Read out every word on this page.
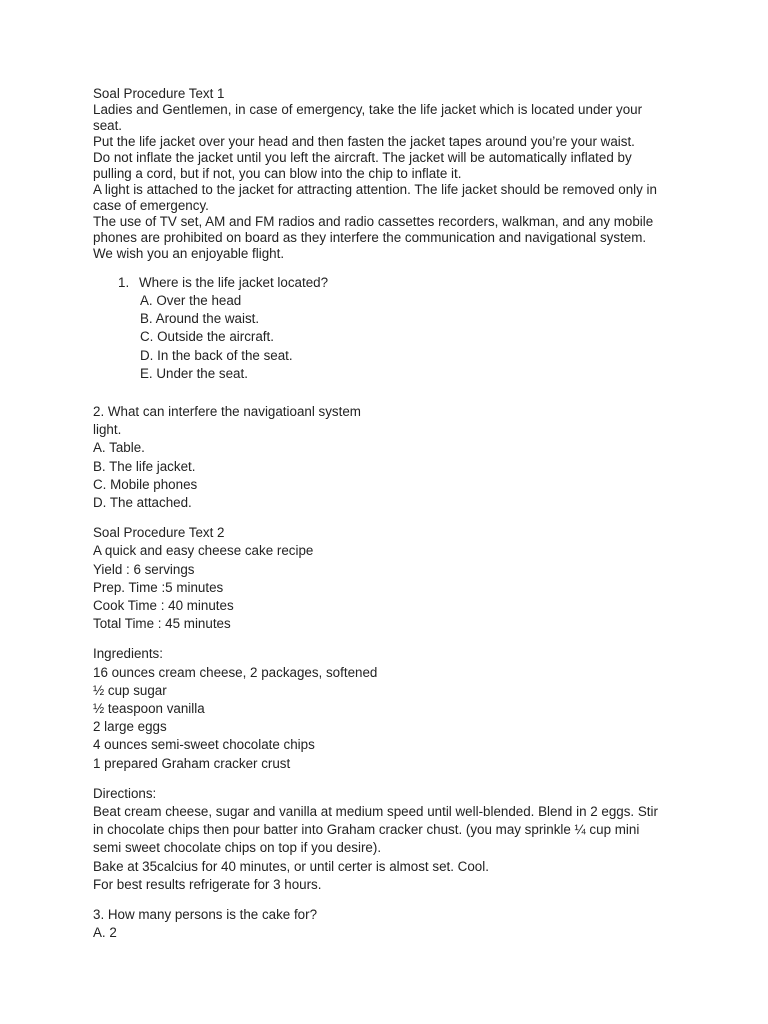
Soal Procedure Text 1
Ladies and Gentlemen, in case of emergency, take the life jacket which is located under your
seat.
Put the life jacket over your head and then fasten the jacket tapes around you’re your waist.
Do not inflate the jacket until you left the aircraft. The jacket will be automatically inflated by
pulling a cord, but if not, you can blow into the chip to inflate it.
A light is attached to the jacket for attracting attention. The life jacket should be removed only in
case of emergency.
The use of TV set, AM and FM radios and radio cassettes recorders, walkman, and any mobile
phones are prohibited on board as they interfere the communication and navigational system.
We wish you an enjoyable flight.
1. Where is the life jacket located?
A. Over the head
B. Around the waist.
C. Outside the aircraft.
D. In the back of the seat.
E. Under the seat.
2. What can interfere the navigatioanl system
light.
A. Table.
B. The life jacket.
C. Mobile phones
D. The attached.
Soal Procedure Text 2
A quick and easy cheese cake recipe
Yield : 6 servings
Prep. Time :5 minutes
Cook Time : 40 minutes
Total Time : 45 minutes
Ingredients:
16 ounces cream cheese, 2 packages, softened
½ cup sugar
½ teaspoon vanilla
2 large eggs
4 ounces semi-sweet chocolate chips
1 prepared Graham cracker crust
Directions:
Beat cream cheese, sugar and vanilla at medium speed until well-blended. Blend in 2 eggs. Stir
in chocolate chips then pour batter into Graham cracker chust. (you may sprinkle ¼ cup mini
semi sweet chocolate chips on top if you desire).
Bake at 35calcius for 40 minutes, or until certer is almost set. Cool.
For best results refrigerate for 3 hours.
3. How many persons is the cake for?
A. 2
